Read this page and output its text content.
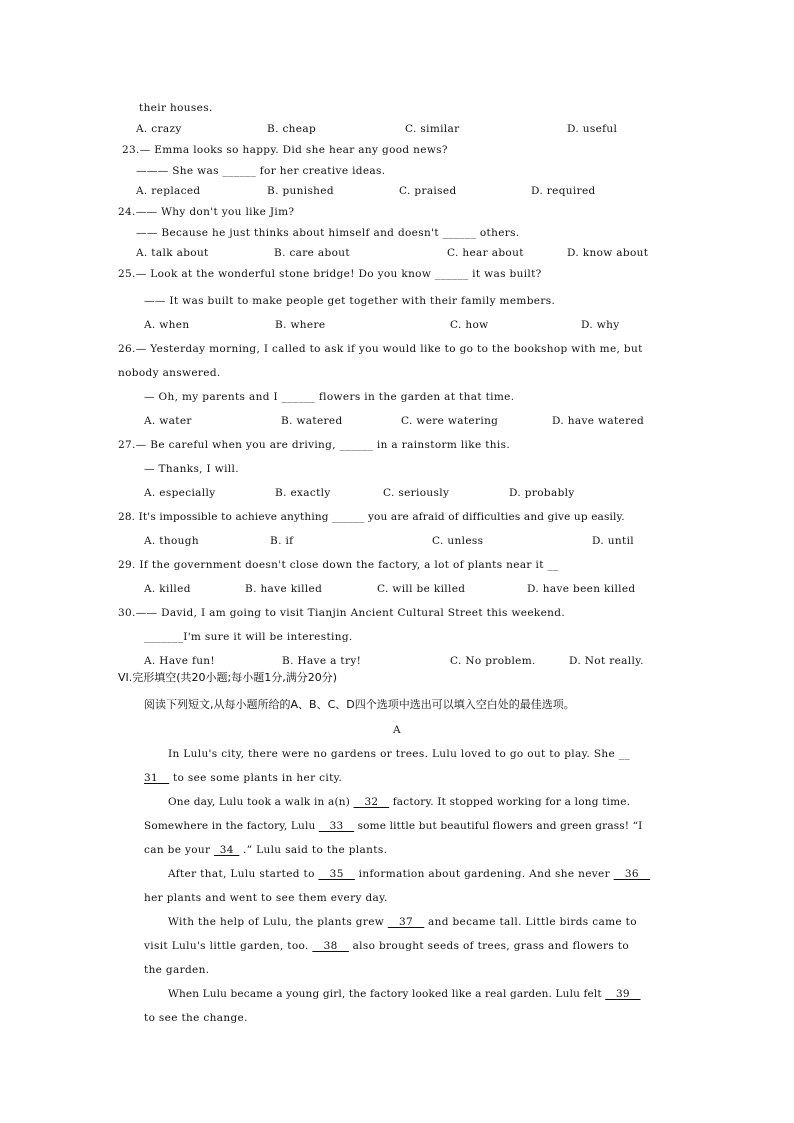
their houses.
A. crazy	B. cheap	C. similar	D. useful
23.— Emma looks so happy. Did she hear any good news?
——— She was ______ for her creative ideas.
A. replaced	B. punished	C. praised	D. required
24.—— Why don't you like Jim?
—— Because he just thinks about himself and doesn't ______ others.
A. talk about	B. care about	C. hear about	D. know about
25.— Look at the wonderful stone bridge! Do you know ______ it was built?
—— It was built to make people get together with their family members.
A. when	B. where	C. how	D. why
26.— Yesterday morning, I called to ask if you would like to go to the bookshop with me, but
nobody answered.
— Oh, my parents and I ______ flowers in the garden at that time.
A. water	B. watered	C. were watering	D. have watered
27.— Be careful when you are driving, ______ in a rainstorm like this.
— Thanks, I will.
A. especially	B. exactly	C. seriously	D. probably
28. It's impossible to achieve anything ______ you are afraid of difficulties and give up easily.
A. though	B. if	C. unless	D. until
29. If the government doesn't close down the factory, a lot of plants near it __
A. killed	B. have killed	C. will be killed	D. have been killed
30.—— David, I am going to visit Tianjin Ancient Cultural Street this weekend.
_______I'm sure it will be interesting.
A. Have fun!	B. Have a try!	C. No problem.	D. Not really.
VI.完形填空(共20小题;每小题1分,满分20分)
阅读下列短文,从每小题所给的A、B、C、D四个选项中选出可以填入空白处的最佳选项。
A
In Lulu's city, there were no gardens or trees. Lulu loved to go out to play. She __
31__ to see some plants in her city.
One day, Lulu took a walk in a(n) __32__ factory. It stopped working for a long time.
Somewhere in the factory, Lulu __33__ some little but beautiful flowers and green grass! “I
can be your _34_ .” Lulu said to the plants.
After that, Lulu started to __35__ information about gardening. And she never __36__
her plants and went to see them every day.
With the help of Lulu, the plants grew __37__ and became tall. Little birds came to
visit Lulu's little garden, too. __38__ also brought seeds of trees, grass and flowers to
the garden.
When Lulu became a young girl, the factory looked like a real garden. Lulu felt __39__
to see the change.
